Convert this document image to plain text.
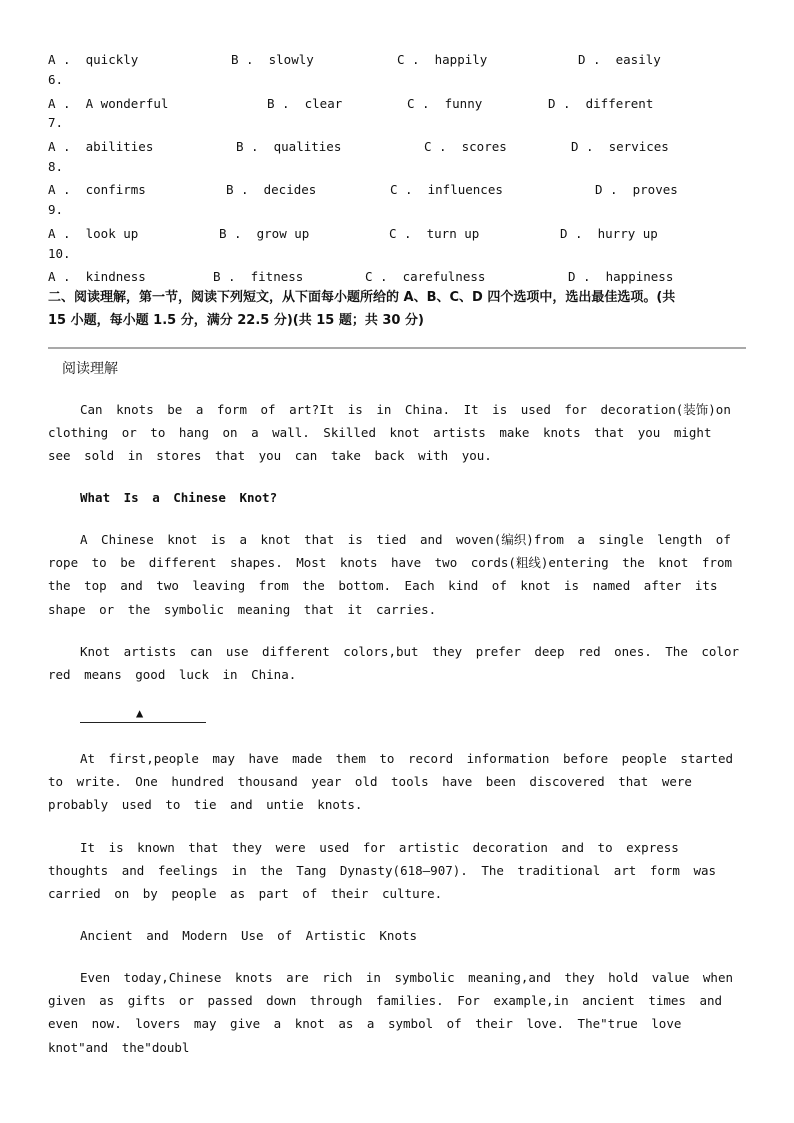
A .  quickly	B .  slowly	C .  happily	D .  easily
6.
A .  A wonderful	B .  clear	C .  funny	D .  different
7.
A .  abilities	B .  qualities	C .  scores	D .  services
8.
A .  confirms	B .  decides	C .  influences	D .  proves
9.
A .  look up	B .  grow up	C .  turn up	D .  hurry up
10.
A .  kindness	B .  fitness	C .  carefulness	D .  happiness
二、阅读理解，第一节，阅读下列短文，从下面每小题所给的 A、B、C、D 四个选项中，选出最佳选项。(共
15 小题，每小题 1.5 分，满分 22.5 分)(共 15 题；共 30 分)
阅读理解
Can knots be a form of art?It is in China. It is used for decoration(装饰)on clothing or to hang on a wall. Skilled knot artists make knots that you might see sold in stores that you can take back with you.
What Is a Chinese Knot?
A Chinese knot is a knot that is tied and woven(编织)from a single length of rope to be different shapes. Most knots have two cords(粗线)entering the knot from the top and two leaving from the bottom. Each kind of knot is named after its shape or the symbolic meaning that it carries.
Knot artists can use different colors,but they prefer deep red ones. The color red means good luck in China.
▲
At first,people may have made them to record information before people started to write. One hundred thousand year old tools have been discovered that were probably used to tie and untie knots.
It is known that they were used for artistic decoration and to express thoughts and feelings in the Tang Dynasty(618—907). The traditional art form was carried on by people as part of their culture.
Ancient and Modern Use of Artistic Knots
Even today,Chinese knots are rich in symbolic meaning,and they hold value when given as gifts or passed down through families. For example,in ancient times and even now. lovers may give a knot as a symbol of their love. The"true love knot"and the"doubl
